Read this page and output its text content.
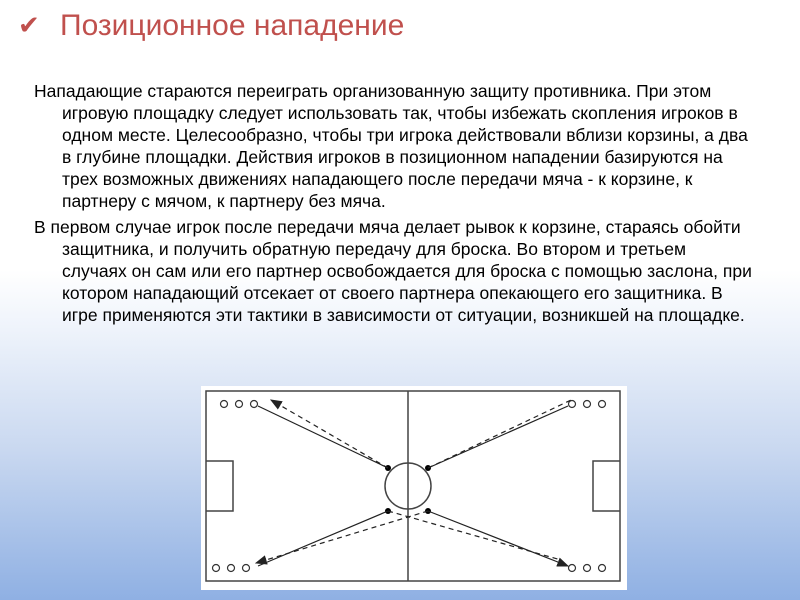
✔ Позиционное нападение

Нападающие стараются переиграть организованную защиту противника. При этом игровую площадку следует использовать так, чтобы избежать скопления игроков в одном месте. Целесообразно, чтобы три игрока действовали вблизи корзины, а два в глубине площадки. Действия игроков в позиционном нападении базируются на трех возможных движениях нападающего после передачи мяча - к корзине, к партнеру с мячом, к партнеру без мяча.

В первом случае игрок после передачи мяча делает рывок к корзине, стараясь обойти защитника, и получить обратную передачу для броска. Во втором и третьем случаях он сам или его партнер освобождается для броска с помощью заслона, при котором нападающий отсекает от своего партнера опекающего его защитника. В игре применяются эти тактики в зависимости от ситуации, возникшей на площадке.
